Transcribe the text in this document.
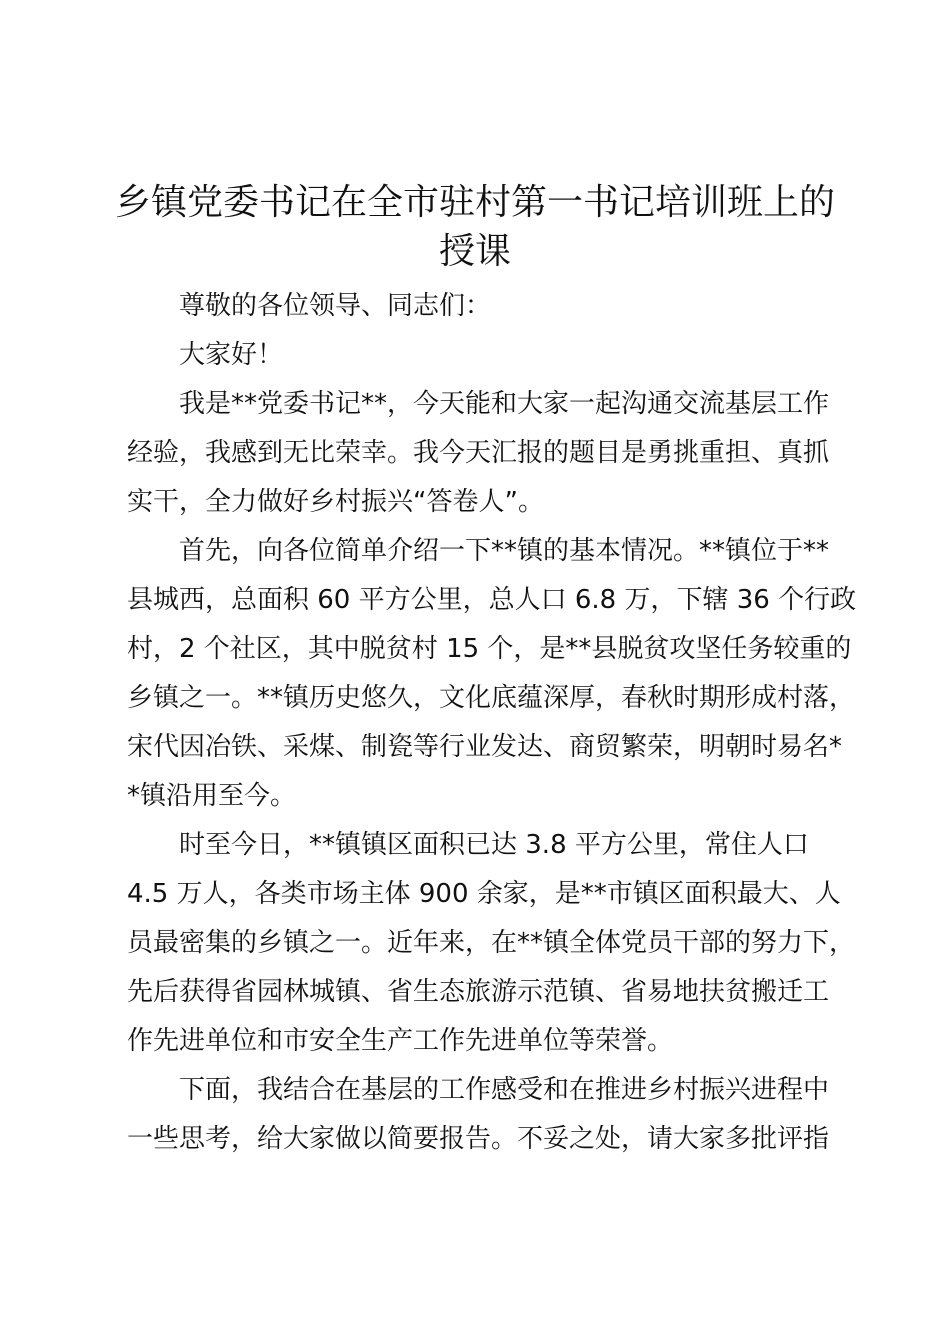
乡镇党委书记在全市驻村第一书记培训班上的
授课

尊敬的各位领导、同志们：

大家好！

我是**党委书记**，今天能和大家一起沟通交流基层工作
经验，我感到无比荣幸。我今天汇报的题目是勇挑重担、真抓
实干，全力做好乡村振兴“答卷人”。

首先，向各位简单介绍一下**镇的基本情况。**镇位于**
县城西，总面积 60 平方公里，总人口 6.8 万，下辖 36 个行政
村，2 个社区，其中脱贫村 15 个，是**县脱贫攻坚任务较重的
乡镇之一。**镇历史悠久，文化底蕴深厚，春秋时期形成村落，
宋代因冶铁、采煤、制瓷等行业发达、商贸繁荣，明朝时易名*
*镇沿用至今。

时至今日，**镇镇区面积已达 3.8 平方公里，常住人口
4.5 万人，各类市场主体 900 余家，是**市镇区面积最大、人
员最密集的乡镇之一。近年来，在**镇全体党员干部的努力下，
先后获得省园林城镇、省生态旅游示范镇、省易地扶贫搬迁工
作先进单位和市安全生产工作先进单位等荣誉。

下面，我结合在基层的工作感受和在推进乡村振兴进程中
一些思考，给大家做以简要报告。不妥之处，请大家多批评指
